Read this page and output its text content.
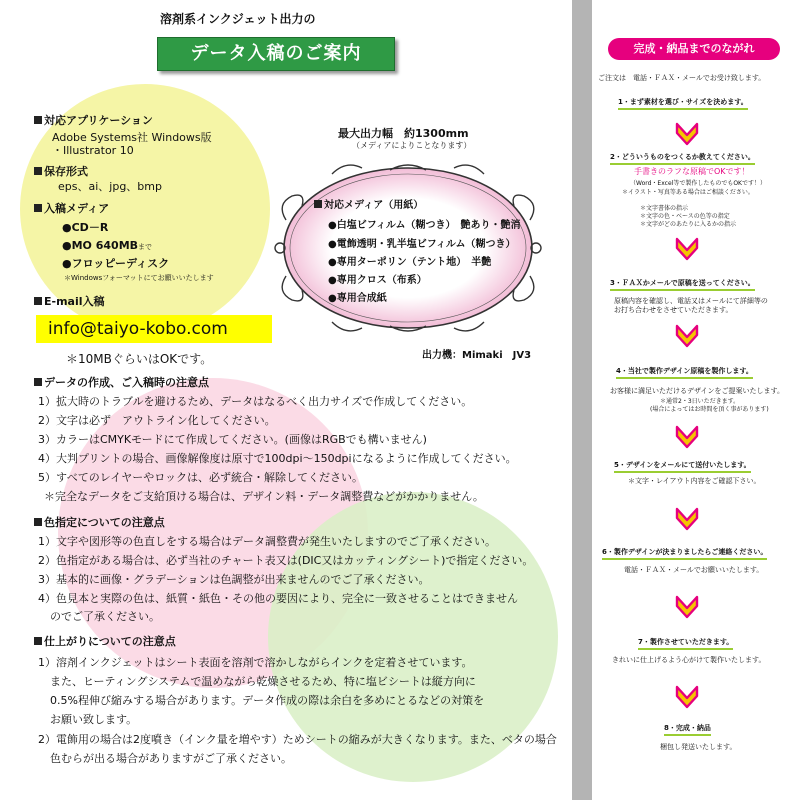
溶剤系インクジェット出力の
データ入稿のご案内
対応アプリケーション
Adobe Systems社 Windows版
・Illustrator 10
保存形式
eps、ai、jpg、bmp
入稿メディア
●CD－R
●MO 640MBまで
●フロッピーディスク
＊Windowsフォーマットにてお願いいたします
E-mail入稿
info@taiyo-kobo.com
＊10MBぐらいはOKです。
最大出力幅　約1300mm
（メディアによりことなります）
対応メディア（用紙）
●白塩ビフィルム（糊つき）　艶あり・艶消
●電飾透明・乳半塩ビフィルム（糊つき）
●専用ターポリン（テント地）　半艶
●専用クロス（布系）
●専用合成紙
出力機：Mimaki　JV3
データの作成、ご入稿時の注意点
1）拡大時のトラブルを避けるため、データはなるべく出力サイズで作成してください。
2）文字は必ず　アウトライン化してください。
3）カラーはCMYKモードにて作成してください。(画像はRGBでも構いません)
4）大判プリントの場合、画像解像度は原寸で100dpi～150dpiになるように作成してください。
5）すべてのレイヤーやロックは、必ず統合・解除してください。
＊完全なデータをご支給頂ける場合は、デザイン料・データ調整費などがかかりません。
色指定についての注意点
1）文字や図形等の色直しをする場合はデータ調整費が発生いたしますのでご了承ください。
2）色指定がある場合は、必ず当社のチャート表又は(DIC又はカッティングシート)で指定ください。
3）基本的に画像・グラデーションは色調整が出来ませんのでご了承ください。
4）色見本と実際の色は、紙質・紙色・その他の要因により、完全に一致させることはできません
のでご了承ください。
仕上がりについての注意点
1）溶剤インクジェットはシート表面を溶剤で溶かしながらインクを定着させています。
また、ヒーティングシステムで温めながら乾燥させるため、特に塩ビシートは縦方向に
0.5%程伸び縮みする場合があります。データ作成の際は余白を多めにとるなどの対策を
お願い致します。
2）電飾用の場合は2度噴き（インク量を増やす）ためシートの縮みが大きくなります。また、ベタの場合
色むらが出る場合がありますがご了承ください。
完成・納品までのながれ
ご注文は　電話・ＦＡＸ・メールでお受け致します。
1・まず素材を選び・サイズを決めます。
2・どういうものをつくるか教えてください。
手書きのラフな原稿でOKです！
（Word・Excel等で製作したものでもOKです！）
＊イラスト・写真等ある場合はご相談ください。
＊文字書体の指示
＊文字の色・ベースの色等の指定
＊文字がどのあたりに入るかの指示
3・ＦＡＸかメールで原稿を送ってください。
原稿内容を確認し、電話又はメールにて詳細等の
お打ち合わせをさせていただきます。
4・当社で製作デザイン原稿を製作します。
お客様に満足いただけるデザインをご提案いたします。
＊通常2・3日いただきます。
(場合によってはお時間を頂く事があります)
5・デザインをメールにて送付いたします。
＊文字・レイアウト内容をご確認下さい。
6・製作デザインが決まりましたらご連絡ください。
電話・ＦＡＸ・メールでお願いいたします。
7・製作させていただきます。
きれいに仕上げるよう心がけて製作いたします。
8・完成・納品
梱包し発送いたします。
